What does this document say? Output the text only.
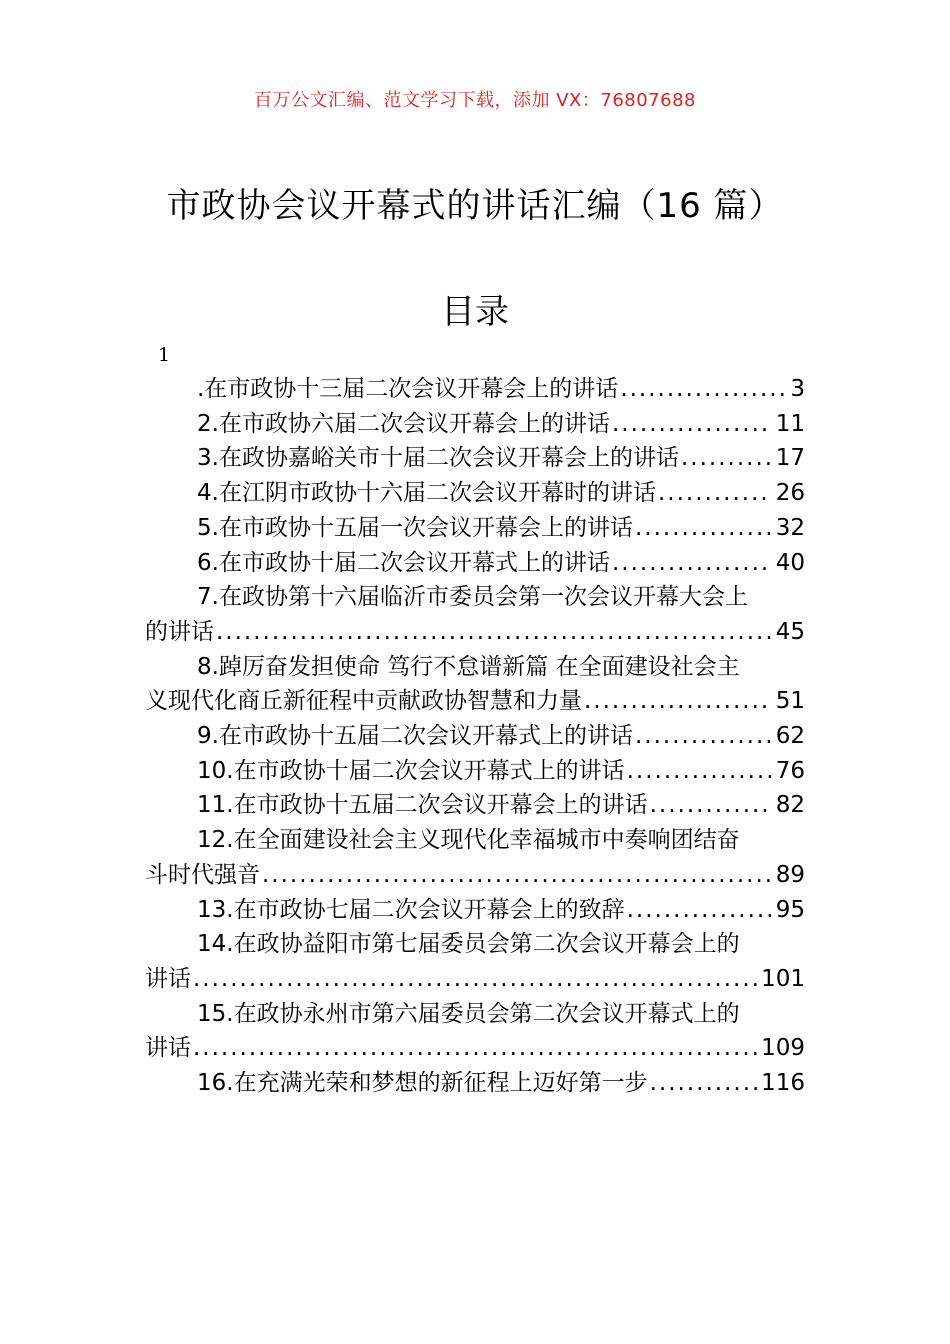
百万公文汇编、范文学习下载，添加 VX：76807688
市政协会议开幕式的讲话汇编（16 篇）
目录
1
.在市政协十三届二次会议开幕会上的讲话 .....	3
2.在市政协六届二次会议开幕会上的讲话 .....	11
3.在政协嘉峪关市十届二次会议开幕会上的讲话 .....	17
4.在江阴市政协十六届二次会议开幕时的讲话 .....	26
5.在市政协十五届一次会议开幕会上的讲话 .....	32
6.在市政协十届二次会议开幕式上的讲话 .....	40
7.在政协第十六届临沂市委员会第一次会议开幕大会上
的讲话 .....	45
8.踔厉奋发担使命 笃行不怠谱新篇 在全面建设社会主
义现代化商丘新征程中贡献政协智慧和力量 .....	51
9.在市政协十五届二次会议开幕式上的讲话 .....	62
10.在市政协十届二次会议开幕式上的讲话 .....	76
11.在市政协十五届二次会议开幕会上的讲话 .....	82
12.在全面建设社会主义现代化幸福城市中奏响团结奋
斗时代强音 .....	89
13.在市政协七届二次会议开幕会上的致辞 .....	95
14.在政协益阳市第七届委员会第二次会议开幕会上的
讲话 .....	101
15.在政协永州市第六届委员会第二次会议开幕式上的
讲话 .....	109
16.在充满光荣和梦想的新征程上迈好第一步 .....	116
